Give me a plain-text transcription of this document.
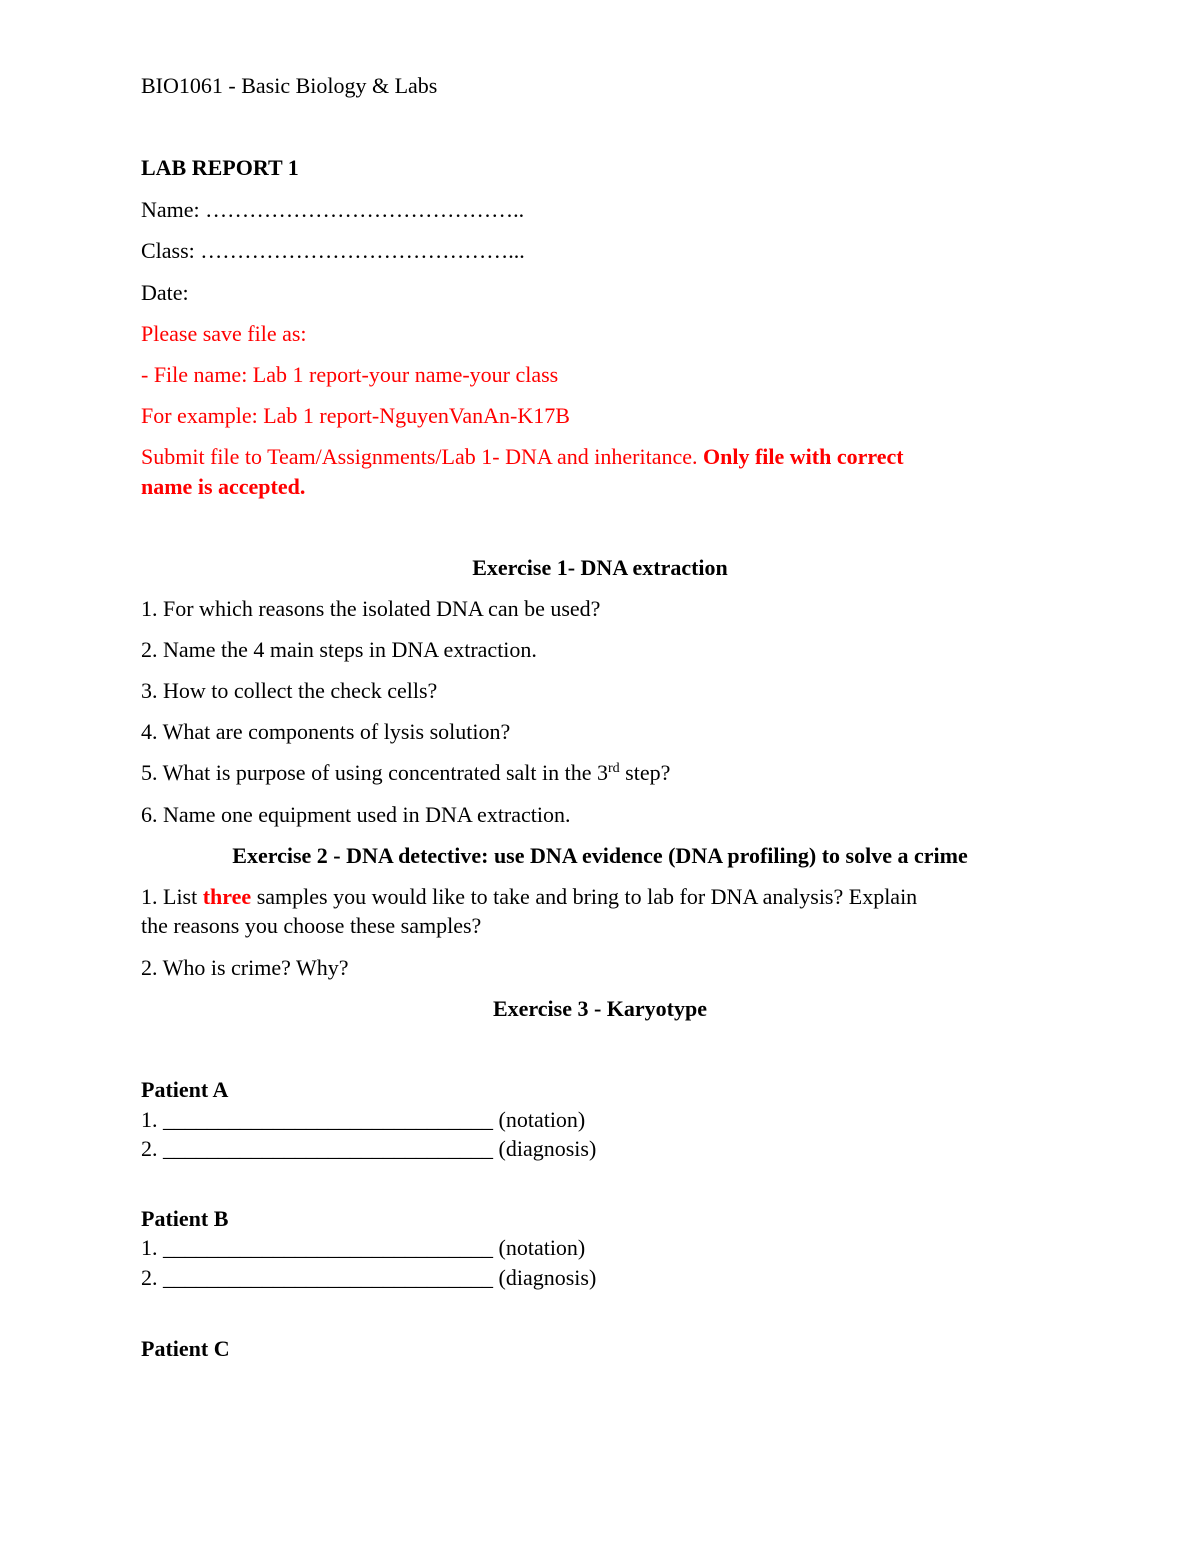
BIO1061 - Basic Biology & Labs

LAB REPORT 1

Name: ……………………………………..

Class: ……………………………………...

Date:

Please save file as:

- File name: Lab 1 report-your name-your class

For example: Lab 1 report-NguyenVanAn-K17B

Submit file to Team/Assignments/Lab 1- DNA and inheritance. Only file with correct

name is accepted.

Exercise 1- DNA extraction

1. For which reasons the isolated DNA can be used?

2. Name the 4 main steps in DNA extraction.

3. How to collect the check cells?

4. What are components of lysis solution?

5. What is purpose of using concentrated salt in the 3rd step?

6. Name one equipment used in DNA extraction.

Exercise 2 - DNA detective: use DNA evidence (DNA profiling) to solve a crime

1. List three samples you would like to take and bring to lab for DNA analysis? Explain

the reasons you choose these samples?

2. Who is crime? Why?

Exercise 3 - Karyotype

Patient A

1. ______________________________ (notation)

2. ______________________________ (diagnosis)

Patient B

1. ______________________________ (notation)

2. ______________________________ (diagnosis)

Patient C
